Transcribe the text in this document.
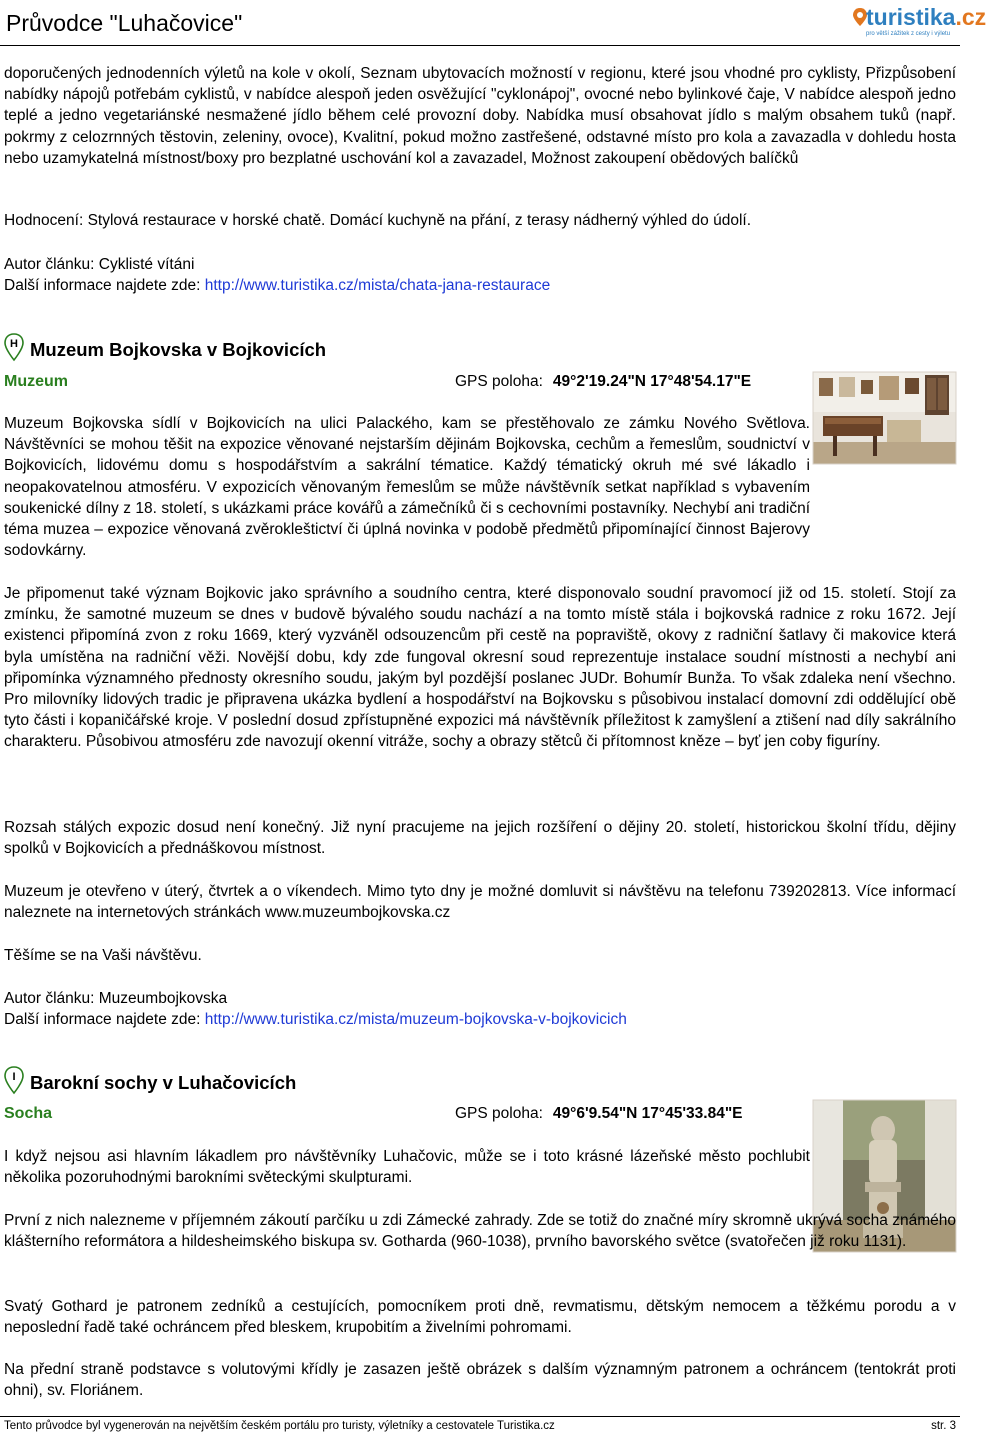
Průvodce "Luhačovice"	turistika.cz
pro větší zážitek z cesty i výletu

doporučených jednodenních výletů na kole v okolí, Seznam ubytovacích možností v regionu, které jsou vhodné pro cyklisty, Přizpůsobení nabídky nápojů potřebám cyklistů, v nabídce alespoň jeden osvěžující "cyklonápoj", ovocné nebo bylinkové čaje, V nabídce alespoň jedno teplé a jedno vegetariánské nesmažené jídlo během celé provozní doby. Nabídka musí obsahovat jídlo s malým obsahem tuků (např. pokrmy z celozrnných těstovin, zeleniny, ovoce), Kvalitní, pokud možno zastřešené, odstavné místo pro kola a zavazadla v dohledu hosta nebo uzamykatelná místnost/boxy pro bezplatné uschování kol a zavazadel, Možnost zakoupení obědových balíčků

Hodnocení: Stylová restaurace v horské chatě. Domácí kuchyně na přání, z terasy nádherný výhled do údolí.

Autor článku: Cyklisté vítáni

Další informace najdete zde: http://www.turistika.cz/mista/chata-jana-restaurace

H Muzeum Bojkovska v Bojkovicích
Muzeum	GPS poloha: 49°2'19.24"N 17°48'54.17"E

Muzeum Bojkovska sídlí v Bojkovicích na ulici Palackého, kam se přestěhovalo ze zámku Nového Světlova. Návštěvníci se mohou těšit na expozice věnované nejstarším dějinám Bojkovska, cechům a řemeslům, soudnictví v Bojkovicích, lidovému domu s hospodářstvím a sakrální tématice. Každý tématický okruh mé své lákadlo i neopakovatelnou atmosféru. V expozicích věnovaným řemeslům se může návštěvník setkat například s vybavením soukenické dílny z 18. století, s ukázkami práce kovářů a zámečníků či s cechovními postavníky. Nechybí ani tradiční téma muzea – expozice věnovaná zvěrokleštictví či úplná novinka v podobě předmětů připomínající činnost Bajerovy sodovkárny.

Je připomenut také význam Bojkovic jako správního a soudního centra, které disponovalo soudní pravomocí již od 15. století. Stojí za zmínku, že samotné muzeum se dnes v budově bývalého soudu nachází a na tomto místě stála i bojkovská radnice z roku 1672. Její existenci připomíná zvon z roku 1669, který vyzváněl odsouzencům při cestě na popraviště, okovy z radniční šatlavy či makovice která byla umístěna na radniční věži. Novější dobu, kdy zde fungoval okresní soud reprezentuje instalace soudní místnosti a nechybí ani připomínka významného přednosty okresního soudu, jakým byl pozdější poslanec JUDr. Bohumír Bunža. To však zdaleka není všechno. Pro milovníky lidových tradic je připravena ukázka bydlení a hospodářství na Bojkovsku s působivou instalací domovní zdi oddělující obě tyto části i kopaničářské kroje. V poslední dosud zpřístupněné expozici má návštěvník příležitost k zamyšlení a ztišení nad díly sakrálního charakteru. Působivou atmosféru zde navozují okenní vitráže, sochy a obrazy stětců či přítomnost kněze – byť jen coby figuríny.

Rozsah stálých expozic dosud není konečný. Již nyní pracujeme na jejich rozšíření o dějiny 20. století, historickou školní třídu, dějiny spolků v Bojkovicích a přednáškovou místnost.

Muzeum je otevřeno v úterý, čtvrtek a o víkendech. Mimo tyto dny je možné domluvit si návštěvu na telefonu 739202813. Více informací naleznete na internetových stránkách www.muzeumbojkovska.cz

Těšíme se na Vaši návštěvu.

Autor článku: Muzeumbojkovska

Další informace najdete zde: http://www.turistika.cz/mista/muzeum-bojkovska-v-bojkovicich

I Barokní sochy v Luhačovicích
Socha	GPS poloha: 49°6'9.54"N 17°45'33.84"E
I když nejsou asi hlavním lákadlem pro návštěvníky Luhačovic, může se i toto krásné lázeňské město pochlubit několika pozoruhodnými barokními světeckými skulpturami.
První z nich nalezneme v příjemném zákoutí parčíku u zdi Zámecké zahrady. Zde se totiž do značné míry skromně ukrývá socha známého klášterního reformátora a hildesheimského biskupa sv. Gotharda (960-1038), prvního bavorského světce (svatořečen již roku 1131).

Svatý Gothard je patronem zedníků a cestujících, pomocníkem proti dně, revmatismu, dětským nemocem a těžkému porodu a v neposlední řadě také ochráncem před bleskem, krupobitím a živelními pohromami.

Na přední straně podstavce s volutovými křídly je zasazen ještě obrázek s dalším významným patronem a ochráncem (tentokrát proti ohni), sv. Floriánem.

Tento průvodce byl vygenerován na největším českém portálu pro turisty, výletníky a cestovatele Turistika.cz	str. 3
